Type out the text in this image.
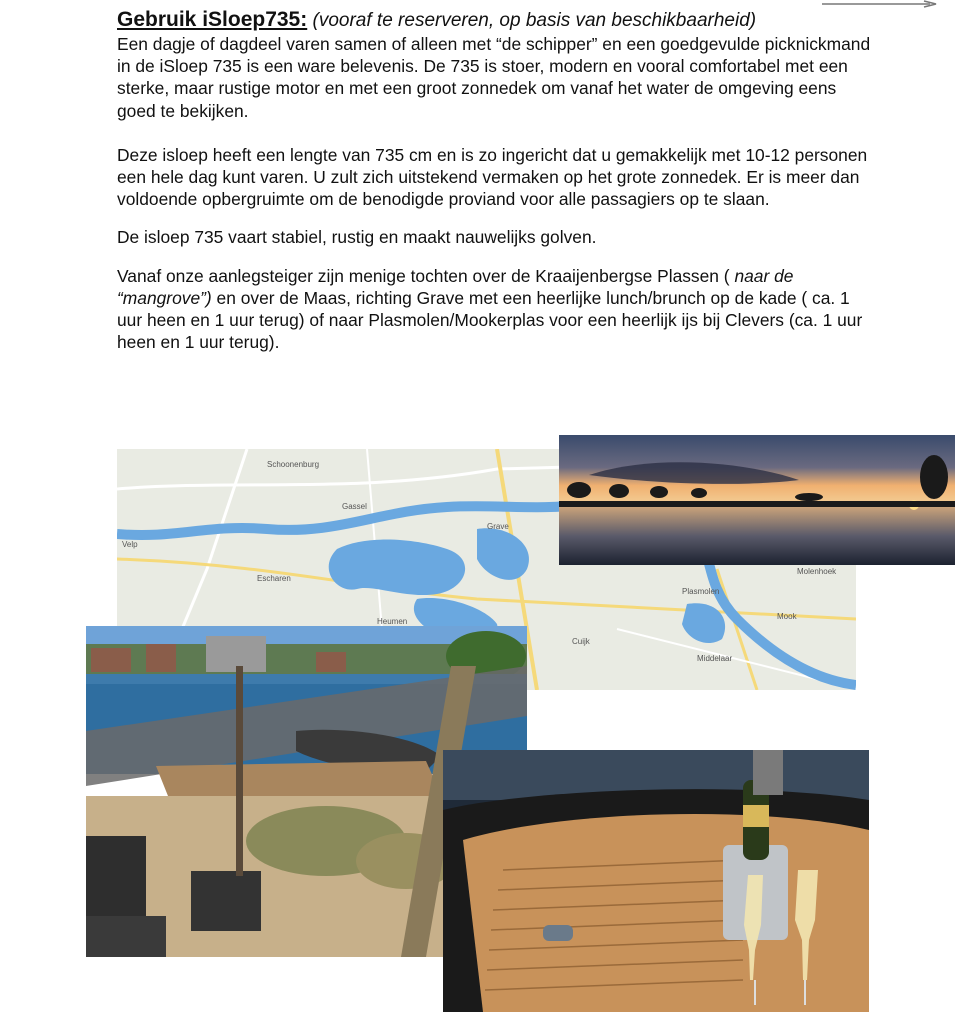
Gebruik iSloep735: (vooraf te reserveren, op basis van beschikbaarheid)

Een dagje of dagdeel varen samen of alleen met “de schipper” en een goedgevulde picknickmand in de iSloep 735 is een ware belevenis. De 735 is stoer, modern en vooral comfortabel met een sterke, maar rustige motor en met een groot zonnedek om vanaf het water de omgeving eens goed te bekijken.

Deze isloep heeft een lengte van 735 cm en is zo ingericht dat u gemakkelijk met 10-12 personen een hele dag kunt varen. U zult zich uitstekend vermaken op het grote zonnedek. Er is meer dan voldoende opbergruimte om de benodigde proviand voor alle passagiers op te slaan.

De isloep 735 vaart stabiel, rustig en maakt nauwelijks golven.

Vanaf onze aanlegsteiger zijn menige tochten over de Kraaijenbergse Plassen ( naar de “mangrove”) en over de Maas, richting Grave met een heerlijke lunch/brunch op de kade ( ca. 1 uur heen en 1 uur terug) of naar Plasmolen/Mookerplas voor een heerlijk ijs bij Clevers (ca. 1 uur heen en 1 uur terug).

Schoonenburg
Velp
Escharen
Grave
Cuijk
Plasmolen
Mook
Middelaar
Molenhoek
Gassel
Heumen
